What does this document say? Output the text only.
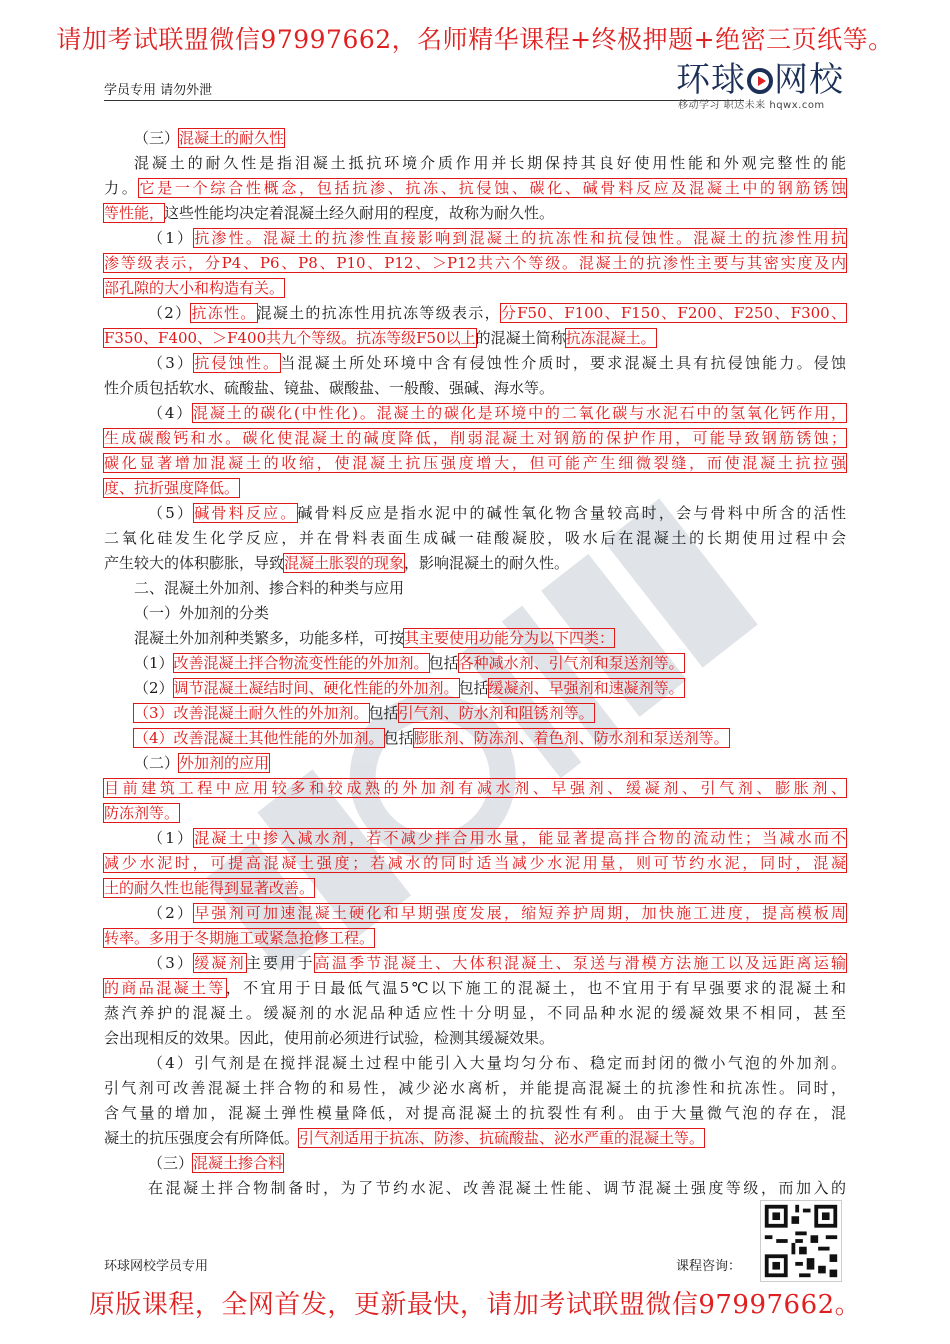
请加考试联盟微信97997662，名师精华课程+终极押题+绝密三页纸等。
学员专用 请勿外泄	环球 网校
移动学习 职达未来 hqwx.com
（三）混凝土的耐久性
混凝土的耐久性是指泪凝土抵抗环境介质作用并长期保持其良好使用性能和外观完整性的能
力。它是一个综合性概念，包括抗渗、抗冻、抗侵蚀、碳化、碱骨料反应及混凝土中的钢筋锈蚀
等性能，这些性能均决定着混凝土经久耐用的程度，故称为耐久性。
（1）抗渗性。混凝土的抗渗性直接影响到混凝土的抗冻性和抗侵蚀性。混凝土的抗渗性用抗
渗等级表示，分P4、P6、P8、P10、P12、＞P12共六个等级。混凝土的抗渗性主要与其密实度及内
部孔隙的大小和构造有关。
（2）抗冻性。混凝土的抗冻性用抗冻等级表示，分F50、F100、F150、F200、F250、F300、
F350、F400、＞F400共九个等级。抗冻等级F50以上的混凝土简称抗冻混凝土。
（3）抗侵蚀性。当混凝土所处环境中含有侵蚀性介质时，要求混凝土具有抗侵蚀能力。侵蚀
性介质包括软水、硫酸盐、镜盐、碳酸盐、一般酸、强碱、海水等。
（4）混凝土的碳化(中性化)。混凝土的碳化是环境中的二氧化碳与水泥石中的氢氧化钙作用，
生成碳酸钙和水。碳化使混凝土的碱度降低，削弱混凝土对钢筋的保护作用，可能导致钢筋锈蚀；
碳化显著增加混凝土的收缩，使混凝土抗压强度增大，但可能产生细微裂缝，而使混凝土抗拉强
度、抗折强度降低。
（5）碱骨料反应。碱骨料反应是指水泥中的碱性氧化物含量较高时，会与骨料中所含的活性
二氧化硅发生化学反应，并在骨料表面生成碱一硅酸凝胶，吸水后在混凝土的长期使用过程中会
产生较大的体积膨胀，导致混凝土胀裂的现象，影响混凝土的耐久性。
二、混凝土外加剂、掺合料的种类与应用
（一）外加剂的分类
混凝土外加剂种类繁多，功能多样，可按其主要使用功能分为以下四类：
（1）改善混凝土拌合物流变性能的外加剂。包括各种减水剂、引气剂和泵送剂等。
（2）调节混凝土凝结时间、硬化性能的外加剂。包括缓凝剂、早强剂和速凝剂等。
（3）改善混凝土耐久性的外加剂。包括引气剂、防水剂和阻锈剂等。
（4）改善混凝土其他性能的外加剂。包括膨胀剂、防冻剂、着色剂、防水剂和泵送剂等。
（二）外加剂的应用
目前建筑工程中应用较多和较成熟的外加剂有减水剂、早强剂、缓凝剂、引气剂、膨胀剂、
防冻剂等。
（1）混凝土中掺入减水剂，若不减少拌合用水量，能显著提高拌合物的流动性；当减水而不
减少水泥时，可提高混凝土强度；若减水的同时适当减少水泥用量，则可节约水泥，同时，混凝
土的耐久性也能得到显著改善。
（2）早强剂可加速混凝土硬化和早期强度发展，缩短养护周期，加快施工进度，提高模板周
转率。多用于冬期施工或紧急抢修工程。
（3）缓凝剂主要用于高温季节混凝土、大体积混凝土、泵送与滑模方法施工以及远距离运输
的商品混凝土等，不宜用于日最低气温5℃以下施工的混凝土，也不宜用于有早强要求的混凝土和
蒸汽养护的混凝土。缓凝剂的水泥品种适应性十分明显，不同品种水泥的缓凝效果不相同，甚至
会出现相反的效果。因此，使用前必须进行试验，检测其缓凝效果。
（4）引气剂是在搅拌混凝土过程中能引入大量均匀分布、稳定而封闭的微小气泡的外加剂。
引气剂可改善混凝土拌合物的和易性，减少泌水离析，并能提高混凝土的抗渗性和抗冻性。同时，
含气量的增加，混凝土弹性模量降低，对提高混凝土的抗裂性有利。由于大量微气泡的存在，混
凝土的抗压强度会有所降低。引气剂适用于抗冻、防渗、抗硫酸盐、泌水严重的混凝土等。
（三）混凝土掺合料
在混凝土拌合物制备时，为了节约水泥、改善混凝土性能、调节混凝土强度等级，而加入的
环球网校学员专用	课程咨询：
原版课程，全网首发，更新最快，请加考试联盟微信97997662。
